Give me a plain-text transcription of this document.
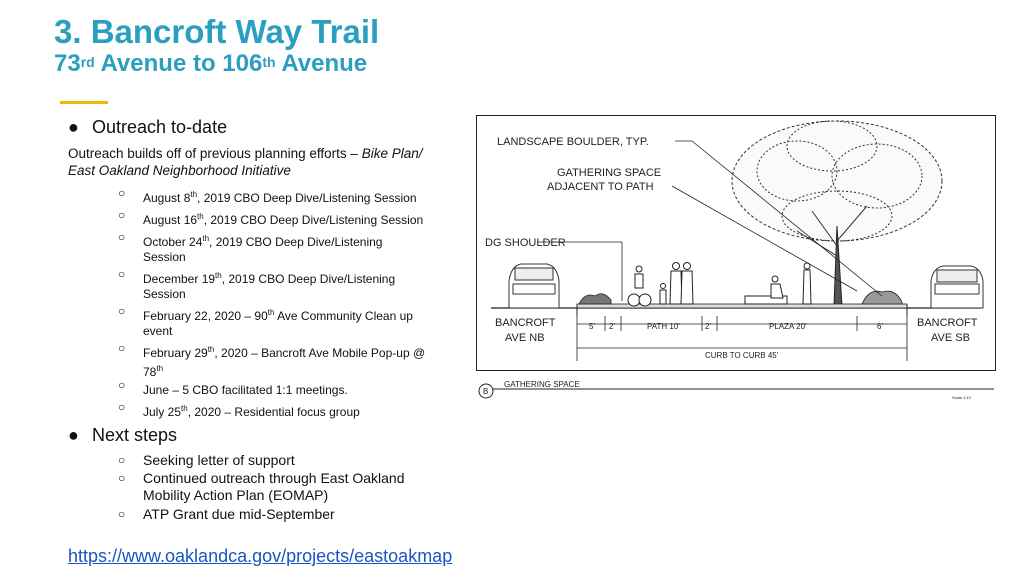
3. Bancroft Way Trail
73rd Avenue to 106th Avenue
● Outreach to-date
Outreach builds off of previous planning efforts – Bike Plan/ East Oakland Neighborhood Initiative
○ August 8th, 2019 CBO Deep Dive/Listening Session
○ August 16th, 2019 CBO Deep Dive/Listening Session
○ October 24th, 2019 CBO Deep Dive/Listening Session
○ December 19th, 2019 CBO Deep Dive/Listening Session
○ February 22, 2020 – 90th Ave Community Clean up event
○ February 29th, 2020 – Bancroft Ave Mobile Pop-up @ 78th
○ June – 5 CBO facilitated 1:1 meetings.
○ July 25th, 2020 – Residential focus group
● Next steps
○ Seeking letter of support
○ Continued outreach through East Oakland Mobility Action Plan (EOMAP)
○ ATP Grant due mid-September
https://www.oaklandca.gov/projects/eastoakmap
LANDSCAPE BOULDER, TYP.
GATHERING SPACE
ADJACENT TO PATH
DG SHOULDER
BANCROFT
AVE NB
BANCROFT
AVE SB
5' 2'	PATH 10'	2'	PLAZA 20'	6'
CURB TO CURB 45'
B
GATHERING SPACE
Scale 1:10
